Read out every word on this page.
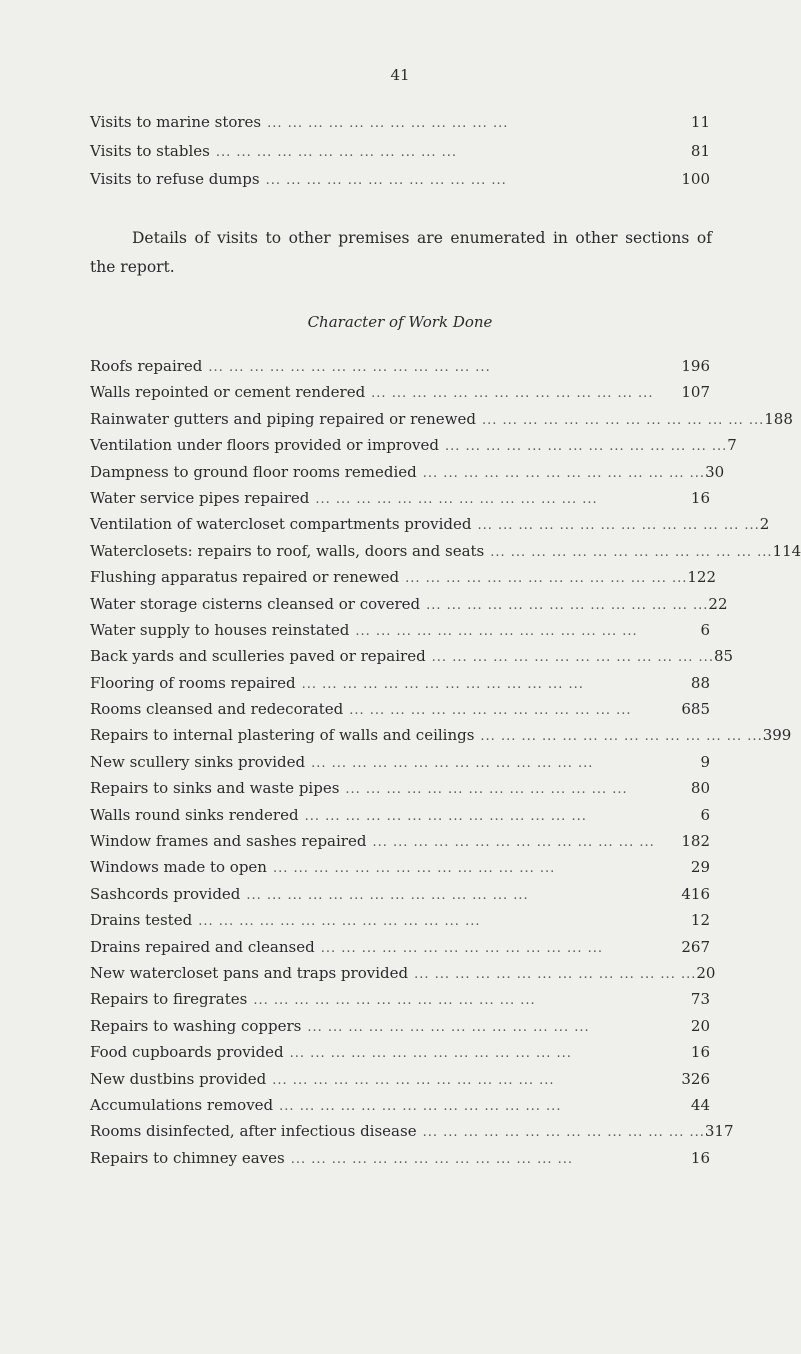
41
Visits to marine stores ... ... ... ... ... ... ... ... ... ... ... ...	11
Visits to stables ... ... ... ... ... ... ... ... ... ... ... ...	81
Visits to refuse dumps ... ... ... ... ... ... ... ... ... ... ... ...	100

Details of visits to other premises are enumerated in other sections of the report.

Character of Work Done
Roofs repaired ... ... ... ... ... ... ... ... ... ... ... ... ... ...	196
Walls repointed or cement rendered ... ... ... ... ... ... ... ... ... ... ... ... ... ...	107
Rainwater gutters and piping repaired or renewed ... ... ... ... ... ... ... ... ... ... ... ... ... ... 188
Ventilation under floors provided or improved ... ... ... ... ... ... ... ... ... ... ... ... ... ... 7
Dampness to ground floor rooms remedied ... ... ... ... ... ... ... ... ... ... ... ... ... ... 30
Water service pipes repaired ... ... ... ... ... ... ... ... ... ... ... ... ... ...	16
Ventilation of watercloset compartments provided ... ... ... ... ... ... ... ... ... ... ... ... ... ... 2
Waterclosets: repairs to roof, walls, doors and seats ... ... ... ... ... ... ... ... ... ... ... ... ... ... 114
Flushing apparatus repaired or renewed ... ... ... ... ... ... ... ... ... ... ... ... ... ... 122
Water storage cisterns cleansed or covered ... ... ... ... ... ... ... ... ... ... ... ... ... ... 22
Water supply to houses reinstated ... ... ... ... ... ... ... ... ... ... ... ... ... ...	6
Back yards and sculleries paved or repaired ... ... ... ... ... ... ... ... ... ... ... ... ... ... 85
Flooring of rooms repaired ... ... ... ... ... ... ... ... ... ... ... ... ... ...	88
Rooms cleansed and redecorated ... ... ... ... ... ... ... ... ... ... ... ... ... ...	685
Repairs to internal plastering of walls and ceilings ... ... ... ... ... ... ... ... ... ... ... ... ... ... 399
New scullery sinks provided ... ... ... ... ... ... ... ... ... ... ... ... ... ...	9
Repairs to sinks and waste pipes ... ... ... ... ... ... ... ... ... ... ... ... ... ...	80
Walls round sinks rendered ... ... ... ... ... ... ... ... ... ... ... ... ... ...	6
Window frames and sashes repaired ... ... ... ... ... ... ... ... ... ... ... ... ... ...	182
Windows made to open ... ... ... ... ... ... ... ... ... ... ... ... ... ...	29
Sashcords provided ... ... ... ... ... ... ... ... ... ... ... ... ... ...	416
Drains tested ... ... ... ... ... ... ... ... ... ... ... ... ... ...	12
Drains repaired and cleansed ... ... ... ... ... ... ... ... ... ... ... ... ... ...	267
New watercloset pans and traps provided ... ... ... ... ... ... ... ... ... ... ... ... ... ... 20
Repairs to firegrates ... ... ... ... ... ... ... ... ... ... ... ... ... ...	73
Repairs to washing coppers ... ... ... ... ... ... ... ... ... ... ... ... ... ...	20
Food cupboards provided ... ... ... ... ... ... ... ... ... ... ... ... ... ...	16
New dustbins provided ... ... ... ... ... ... ... ... ... ... ... ... ... ...	326
Accumulations removed ... ... ... ... ... ... ... ... ... ... ... ... ... ...	44
Rooms disinfected, after infectious disease ... ... ... ... ... ... ... ... ... ... ... ... ... ... 317
Repairs to chimney eaves ... ... ... ... ... ... ... ... ... ... ... ... ... ...	16
